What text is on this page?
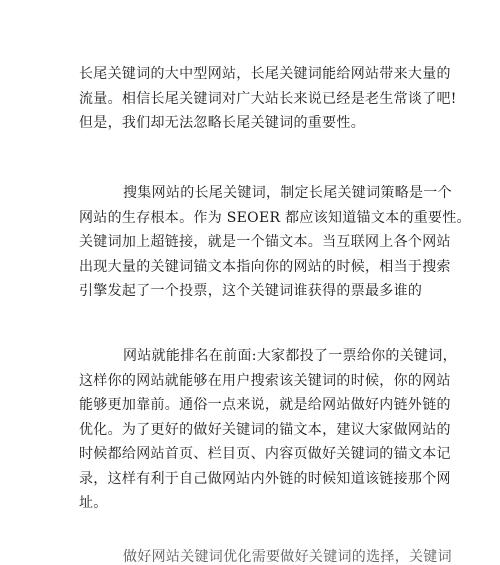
长尾关键词的大中型网站，长尾关键词能给网站带来大量的
流量。相信长尾关键词对广大站长来说已经是老生常谈了吧!
但是，我们却无法忽略长尾关键词的重要性。
搜集网站的长尾关键词，制定长尾关键词策略是一个
网站的生存根本。作为 SEOER 都应该知道锚文本的重要性。
关键词加上超链接，就是一个锚文本。当互联网上各个网站
出现大量的关键词锚文本指向你的网站的时候，相当于搜索
引擎发起了一个投票，这个关键词谁获得的票最多谁的
网站就能排名在前面:大家都投了一票给你的关键词，
这样你的网站就能够在用户搜索该关键词的时候，你的网站
能够更加靠前。通俗一点来说，就是给网站做好内链外链的
优化。为了更好的做好关键词的锚文本，建议大家做网站的
时候都给网站首页、栏目页、内容页做好关键词的锚文本记
录，这样有利于自己做网站内外链的时候知道该链接那个网
址。
做好网站关键词优化需要做好关键词的选择，关键词
